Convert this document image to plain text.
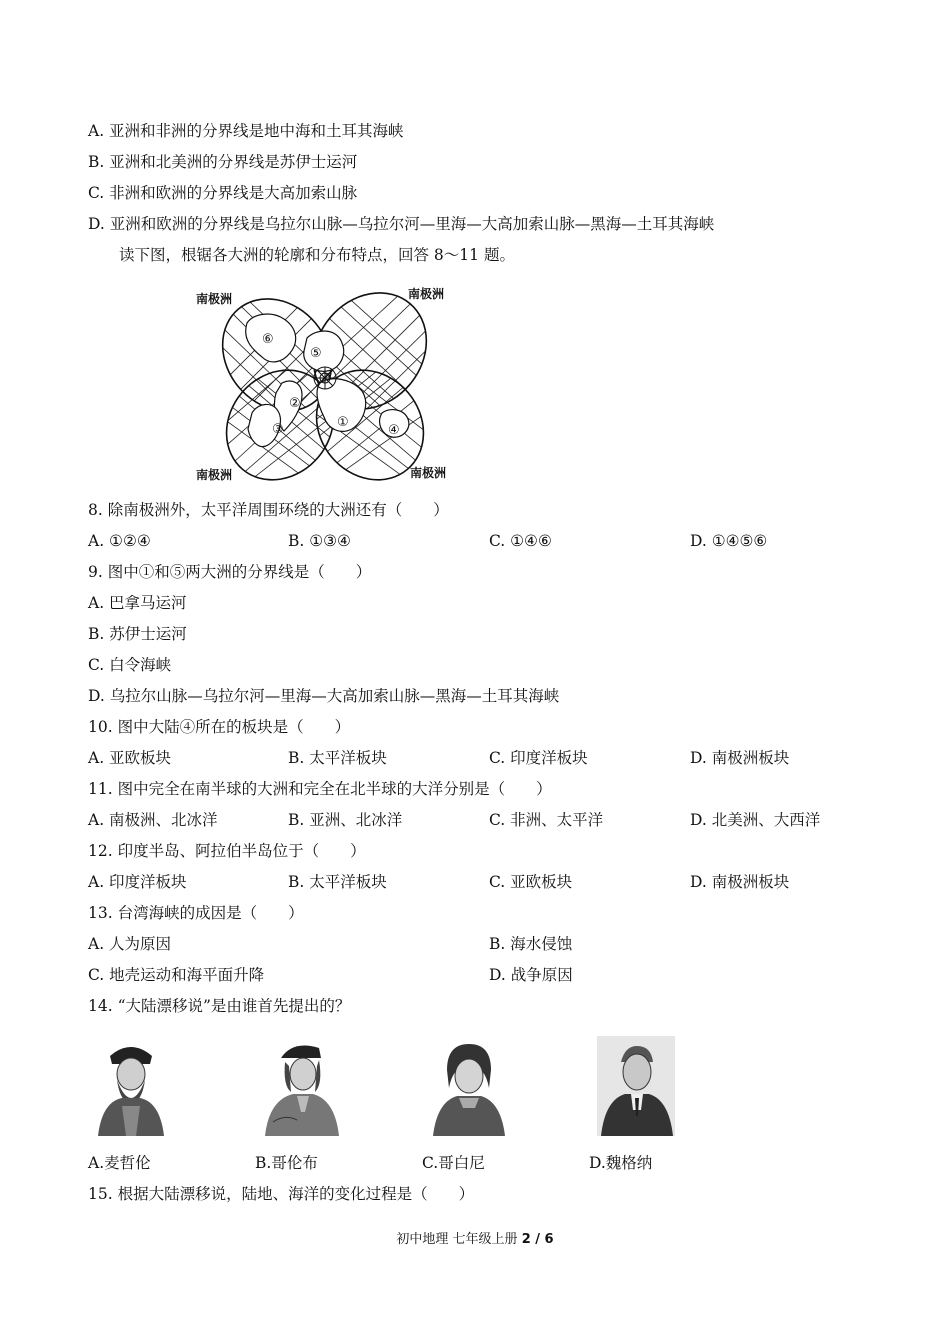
A. 亚洲和非洲的分界线是地中海和土耳其海峡
B. 亚洲和北美洲的分界线是苏伊士运河
C. 非洲和欧洲的分界线是大高加索山脉
D. 亚洲和欧洲的分界线是乌拉尔山脉—乌拉尔河—里海—大高加索山脉—黑海—土耳其海峡
读下图，根锯各大洲的轮廓和分布特点，回答 8～11 题。
南极洲	南极洲
南极洲	南极洲
①
②
③	④
⑤
⑥
8. 除南极洲外，太平洋周围环绕的大洲还有（　　）
A. ①②④	B. ①③④	C. ①④⑥	D. ①④⑤⑥
9. 图中①和⑤两大洲的分界线是（　　）
A. 巴拿马运河
B. 苏伊士运河
C. 白令海峡
D. 乌拉尔山脉—乌拉尔河—里海—大高加索山脉—黑海—土耳其海峡
10. 图中大陆④所在的板块是（　　）
A. 亚欧板块	B. 太平洋板块	C. 印度洋板块	D. 南极洲板块
11. 图中完全在南半球的大洲和完全在北半球的大洋分别是（　　）
A. 南极洲、北冰洋	B. 亚洲、北冰洋	C. 非洲、太平洋	D. 北美洲、大西洋
12. 印度半岛、阿拉伯半岛位于（　　）
A. 印度洋板块	B. 太平洋板块	C. 亚欧板块	D. 南极洲板块
13. 台湾海峡的成因是（　　）
A. 人为原因	B. 海水侵蚀
C. 地壳运动和海平面升降	D. 战争原因
14. “大陆漂移说”是由谁首先提出的？
A.麦哲伦	B.哥伦布	C.哥白尼	D.魏格纳
15. 根据大陆漂移说，陆地、海洋的变化过程是（　　）
初中地理 七年级上册 2 / 6
